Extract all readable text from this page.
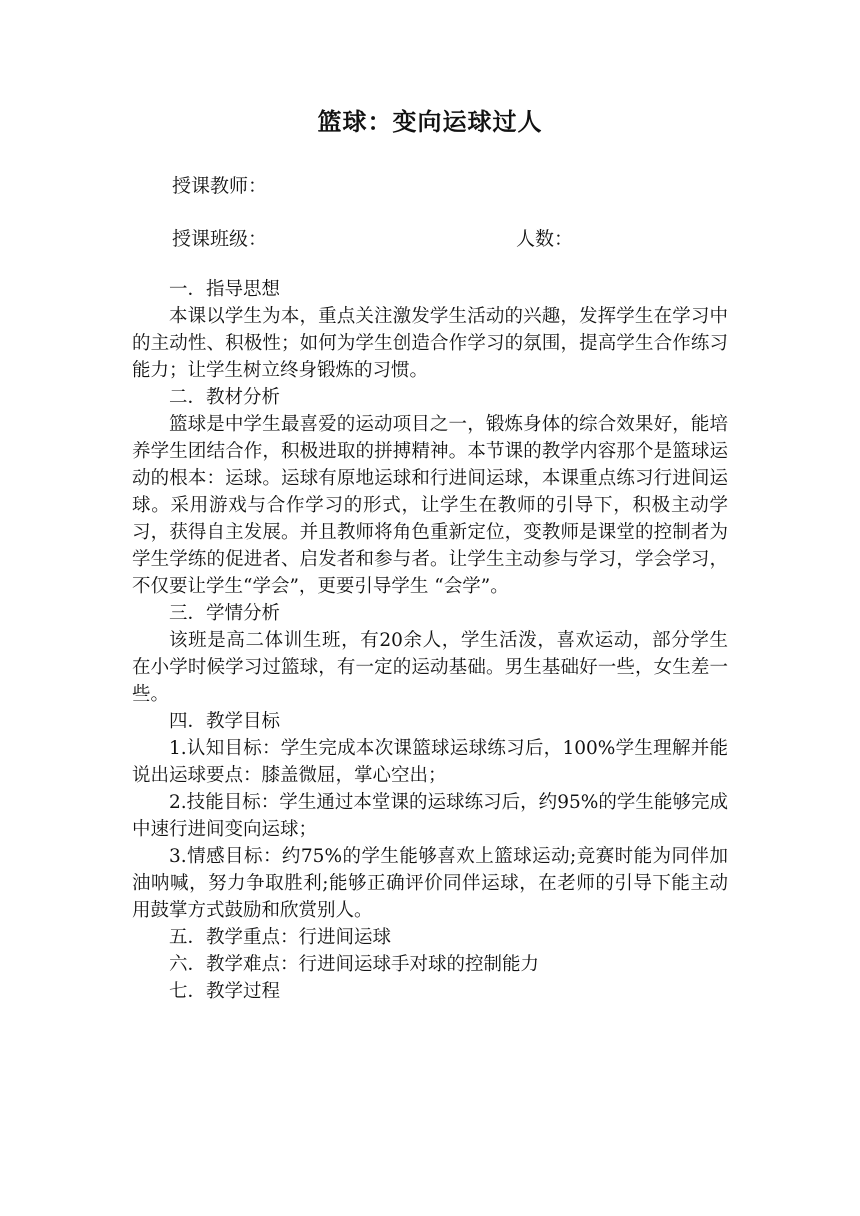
篮球：变向运球过人
授课教师：
授课班级：	人数：

一．指导思想

本课以学生为本，重点关注激发学生活动的兴趣，发挥学生在学习中的主动性、积极性；如何为学生创造合作学习的氛围，提高学生合作练习能力；让学生树立终身锻炼的习惯。

二．教材分析

篮球是中学生最喜爱的运动项目之一，锻炼身体的综合效果好，能培养学生团结合作，积极进取的拼搏精神。本节课的教学内容那个是篮球运动的根本：运球。运球有原地运球和行进间运球，本课重点练习行进间运球。采用游戏与合作学习的形式，让学生在教师的引导下，积极主动学习，获得自主发展。并且教师将角色重新定位，变教师是课堂的控制者为学生学练的促进者、启发者和参与者。让学生主动参与学习，学会学习，不仅要让学生“学会”，更要引导学生 “会学”。

三．学情分析

该班是高二体训生班，有20余人，学生活泼，喜欢运动，部分学生在小学时候学习过篮球，有一定的运动基础。男生基础好一些，女生差一些。

四．教学目标

1.认知目标：学生完成本次课篮球运球练习后，100%学生理解并能说出运球要点：膝盖微屈，掌心空出；

2.技能目标：学生通过本堂课的运球练习后，约95%的学生能够完成中速行进间变向运球；

3.情感目标：约75%的学生能够喜欢上篮球运动;竞赛时能为同伴加油呐喊，努力争取胜利;能够正确评价同伴运球，在老师的引导下能主动用鼓掌方式鼓励和欣赏别人。

五．教学重点：行进间运球

六．教学难点：行进间运球手对球的控制能力

七．教学过程
